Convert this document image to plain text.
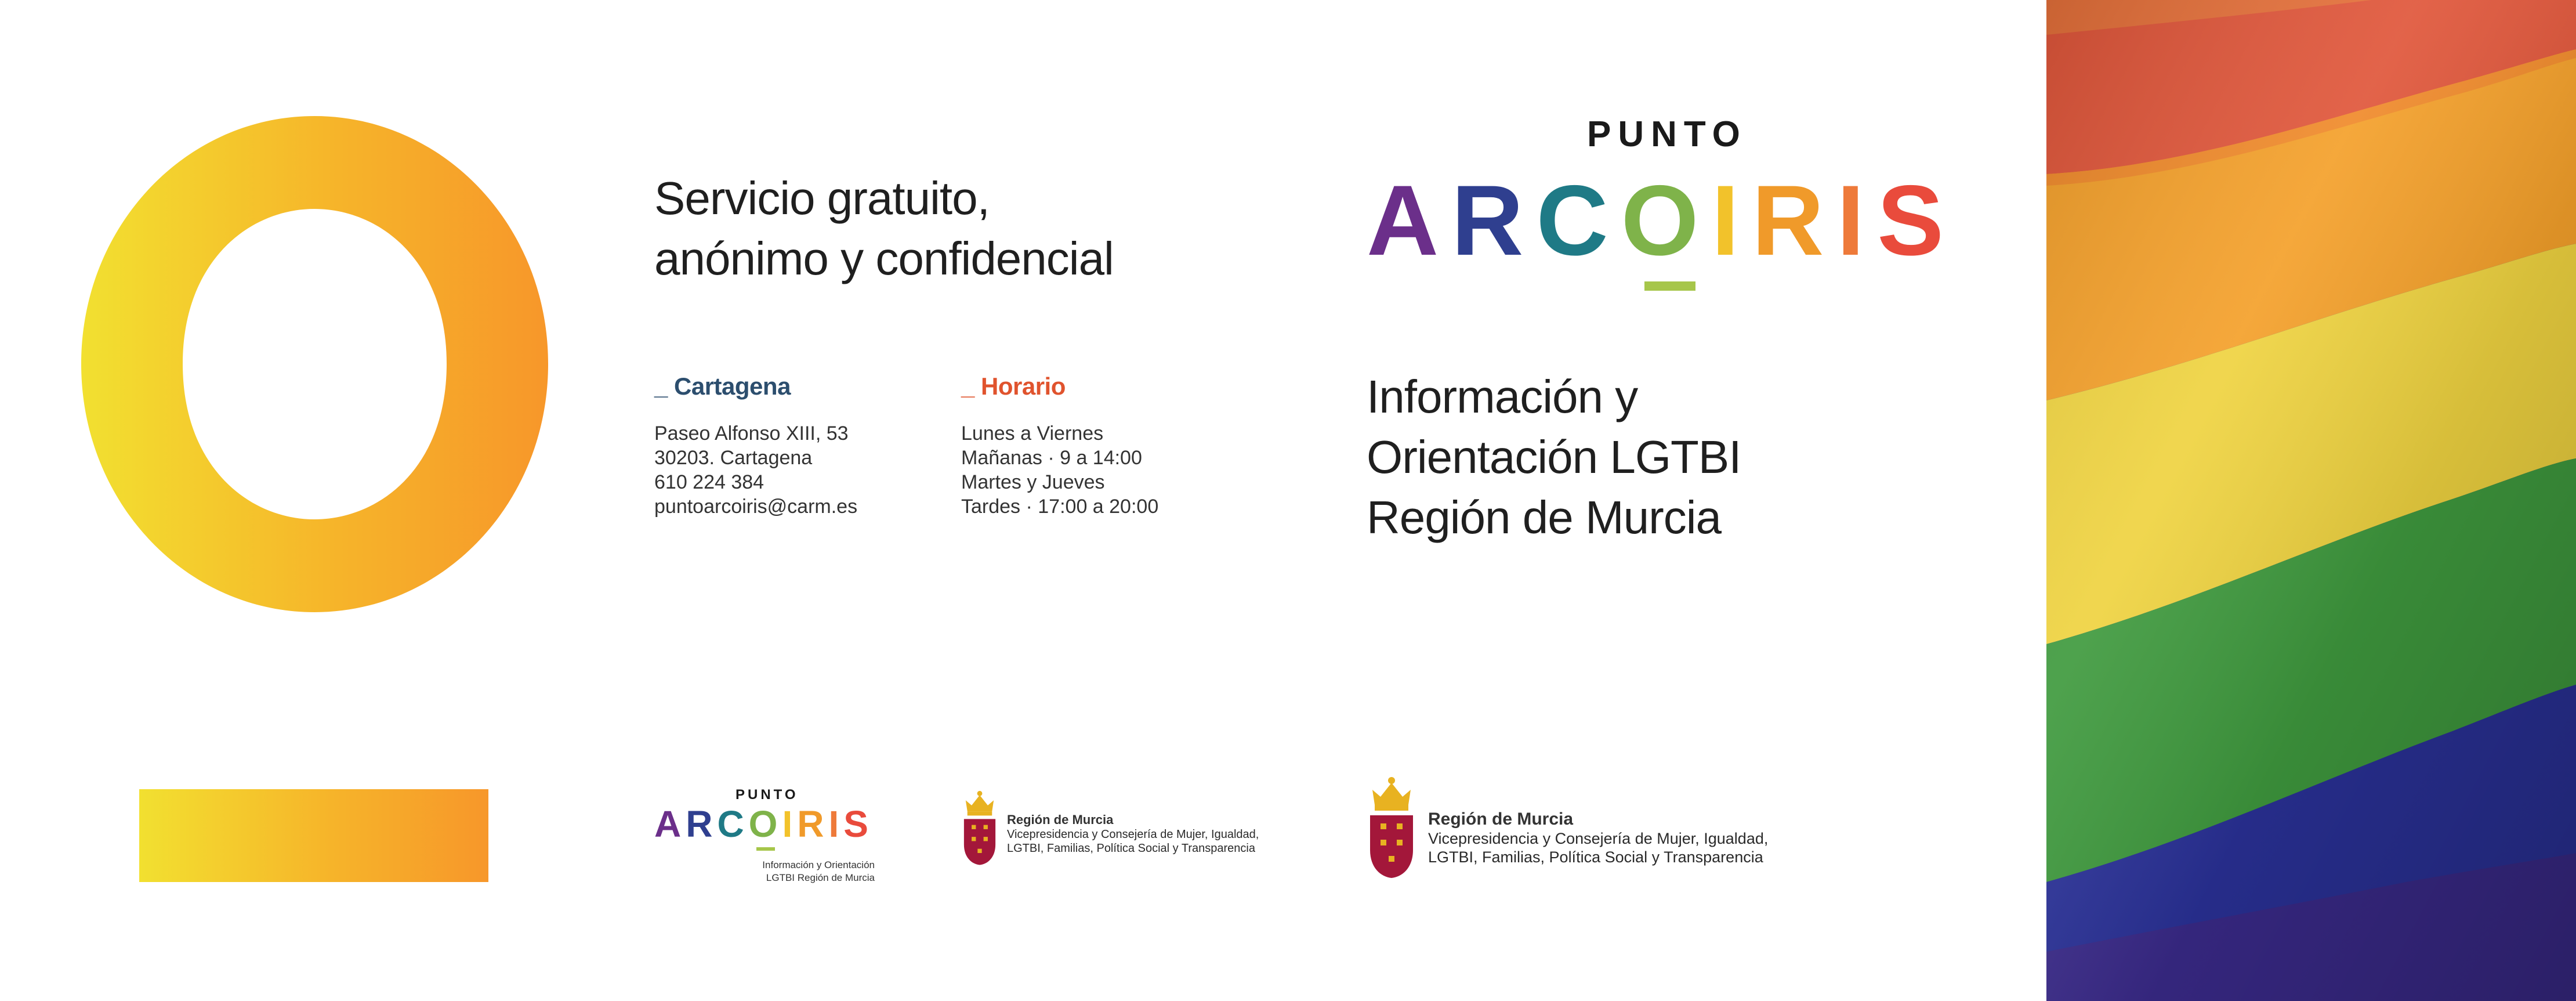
Servicio gratuito,
anónimo y confidencial
_ Cartagena
Paseo Alfonso XIII, 53
30203. Cartagena
610 224 384
puntoarcoiris@carm.es
_ Horario
Lunes a Viernes
Mañanas · 9 a 14:00
Martes y Jueves
Tardes · 17:00 a 20:00
PUNTO
ARCOIRIS
Información y
Orientación LGTBI
Región de Murcia
PUNTO
ARCOIRIS
Información y Orientación
LGTBI Región de Murcia
Región de Murcia
Vicepresidencia y Consejería de Mujer, Igualdad,
LGTBI, Familias, Política Social y Transparencia
Región de Murcia
Vicepresidencia y Consejería de Mujer, Igualdad,
LGTBI, Familias, Política Social y Transparencia
